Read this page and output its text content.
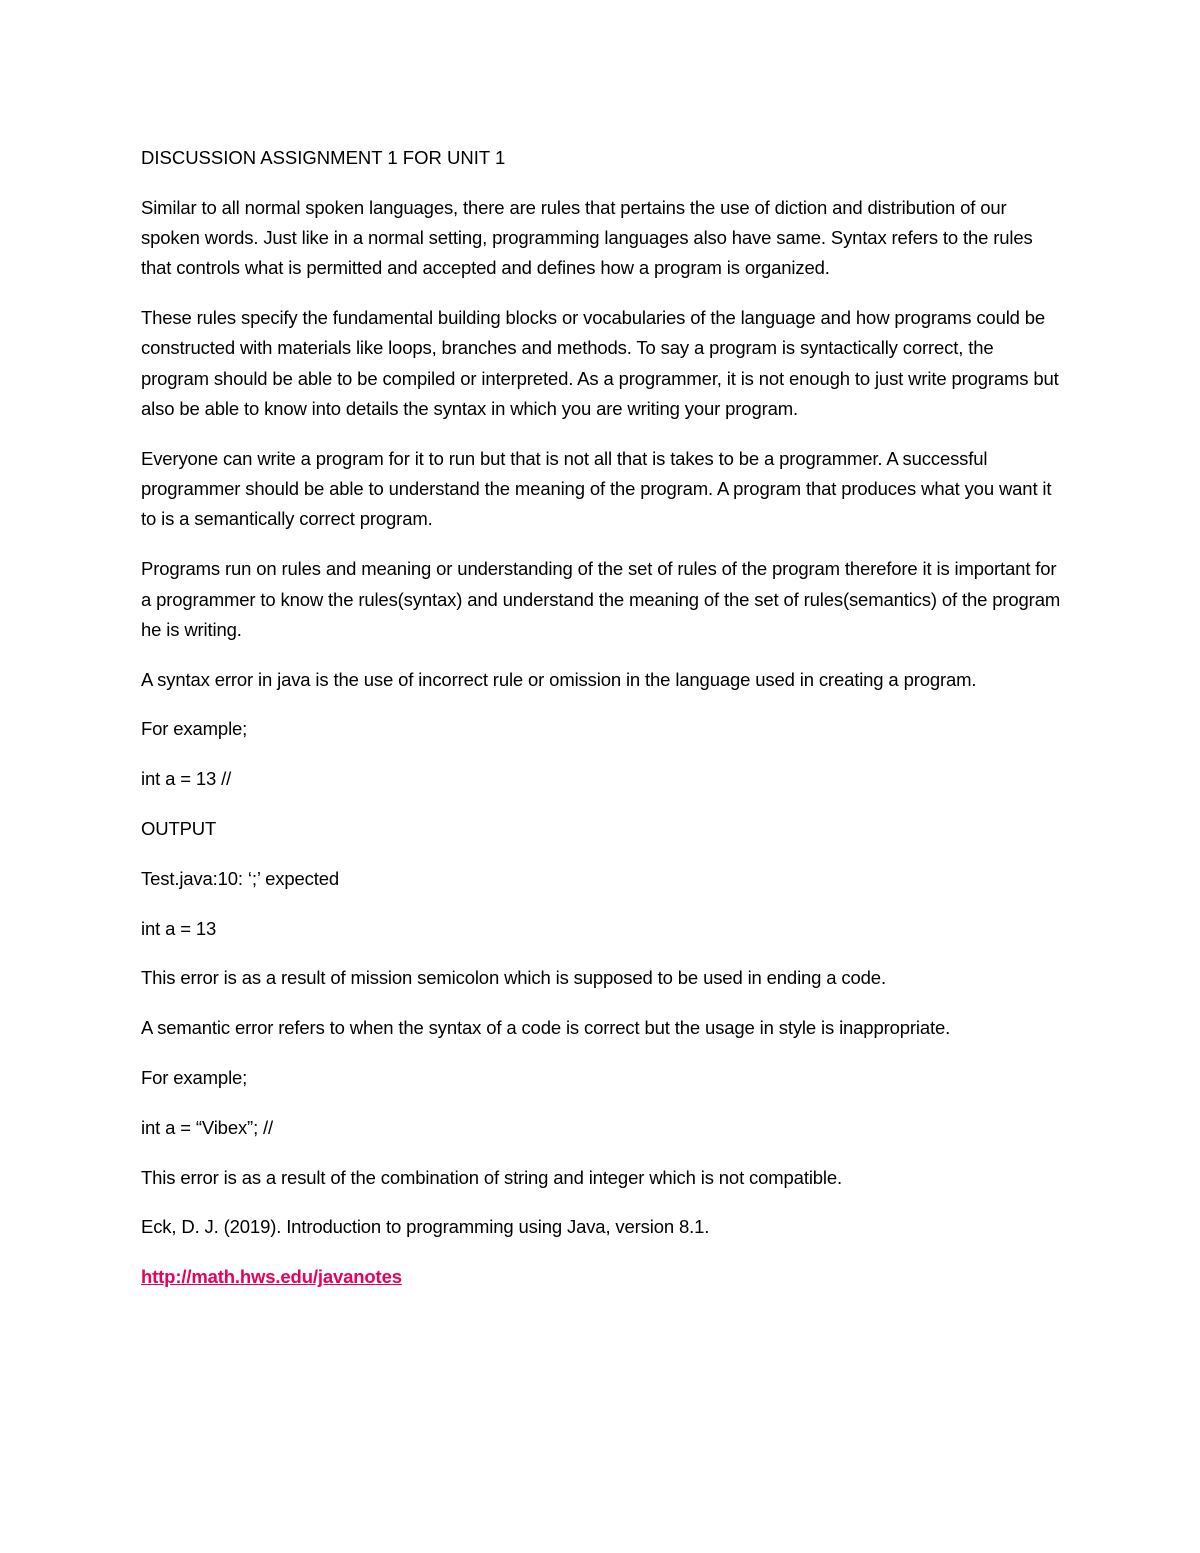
DISCUSSION ASSIGNMENT 1 FOR UNIT 1

Similar to all normal spoken languages, there are rules that pertains the use of diction and distribution of our spoken words. Just like in a normal setting, programming languages also have same. Syntax refers to the rules that controls what is permitted and accepted and defines how a program is organized.

These rules specify the fundamental building blocks or vocabularies of the language and how programs could be constructed with materials like loops, branches and methods. To say a program is syntactically correct, the program should be able to be compiled or interpreted. As a programmer, it is not enough to just write programs but also be able to know into details the syntax in which you are writing your program.

Everyone can write a program for it to run but that is not all that is takes to be a programmer. A successful programmer should be able to understand the meaning of the program. A program that produces what you want it to is a semantically correct program.

Programs run on rules and meaning or understanding of the set of rules of the program therefore it is important for a programmer to know the rules(syntax) and understand the meaning of the set of rules(semantics) of the program he is writing.

A syntax error in java is the use of incorrect rule or omission in the language used in creating a program.

For example;

int a = 13 //

OUTPUT

Test.java:10: ‘;’ expected

int a = 13

This error is as a result of mission semicolon which is supposed to be used in ending a code.

A semantic error refers to when the syntax of a code is correct but the usage in style is inappropriate.

For example;

int a = “Vibex”; //

This error is as a result of the combination of string and integer which is not compatible.

Eck, D. J. (2019). Introduction to programming using Java, version 8.1.

http://math.hws.edu/javanotes
